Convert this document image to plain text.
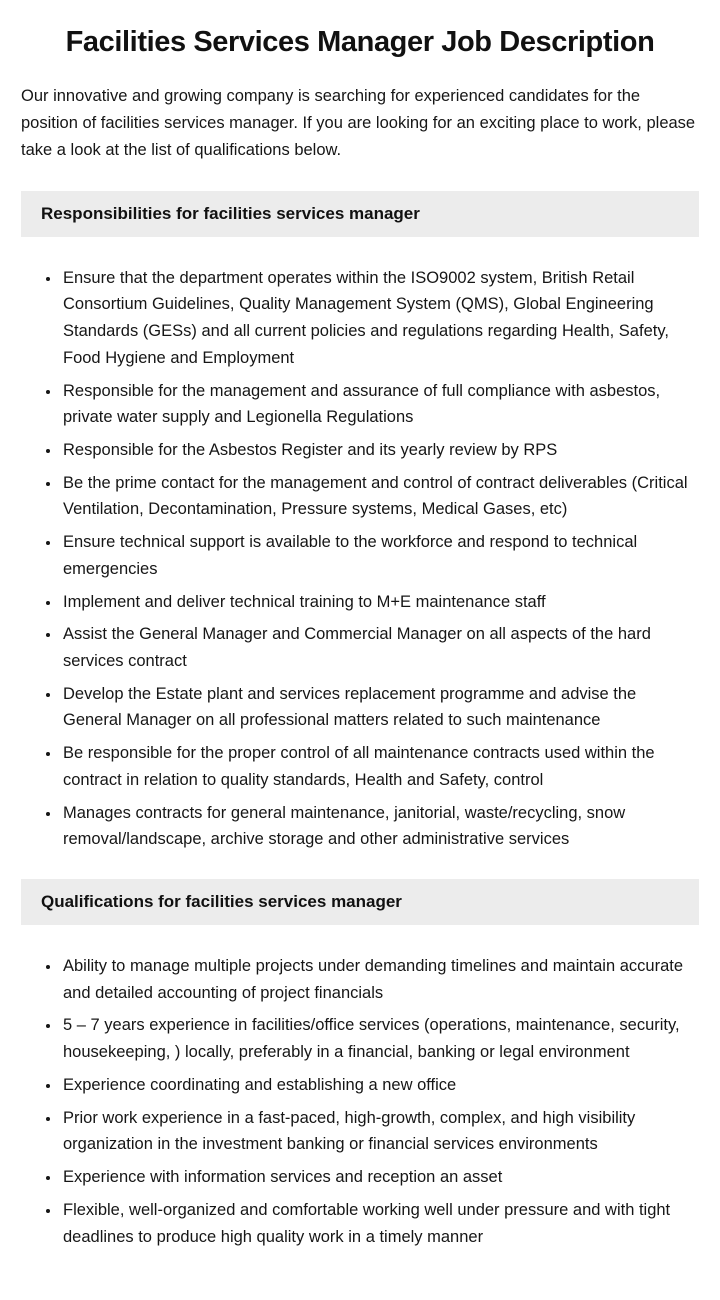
Facilities Services Manager Job Description

Our innovative and growing company is searching for experienced candidates for the position of facilities services manager. If you are looking for an exciting place to work, please take a look at the list of qualifications below.

Responsibilities for facilities services manager
• Ensure that the department operates within the ISO9002 system, British Retail Consortium Guidelines, Quality Management System (QMS), Global Engineering Standards (GESs) and all current policies and regulations regarding Health, Safety, Food Hygiene and Employment
• Responsible for the management and assurance of full compliance with asbestos, private water supply and Legionella Regulations
• Responsible for the Asbestos Register and its yearly review by RPS
• Be the prime contact for the management and control of contract deliverables (Critical Ventilation, Decontamination, Pressure systems, Medical Gases, etc)
• Ensure technical support is available to the workforce and respond to technical emergencies
• Implement and deliver technical training to M+E maintenance staff
• Assist the General Manager and Commercial Manager on all aspects of the hard services contract
• Develop the Estate plant and services replacement programme and advise the General Manager on all professional matters related to such maintenance
• Be responsible for the proper control of all maintenance contracts used within the contract in relation to quality standards, Health and Safety, control
• Manages contracts for general maintenance, janitorial, waste/recycling, snow removal/landscape, archive storage and other administrative services
Qualifications for facilities services manager
• Ability to manage multiple projects under demanding timelines and maintain accurate and detailed accounting of project financials
• 5 – 7 years experience in facilities/office services (operations, maintenance, security, housekeeping, ) locally, preferably in a financial, banking or legal environment
• Experience coordinating and establishing a new office
• Prior work experience in a fast-paced, high-growth, complex, and high visibility organization in the investment banking or financial services environments
• Experience with information services and reception an asset
• Flexible, well-organized and comfortable working well under pressure and with tight deadlines to produce high quality work in a timely manner
